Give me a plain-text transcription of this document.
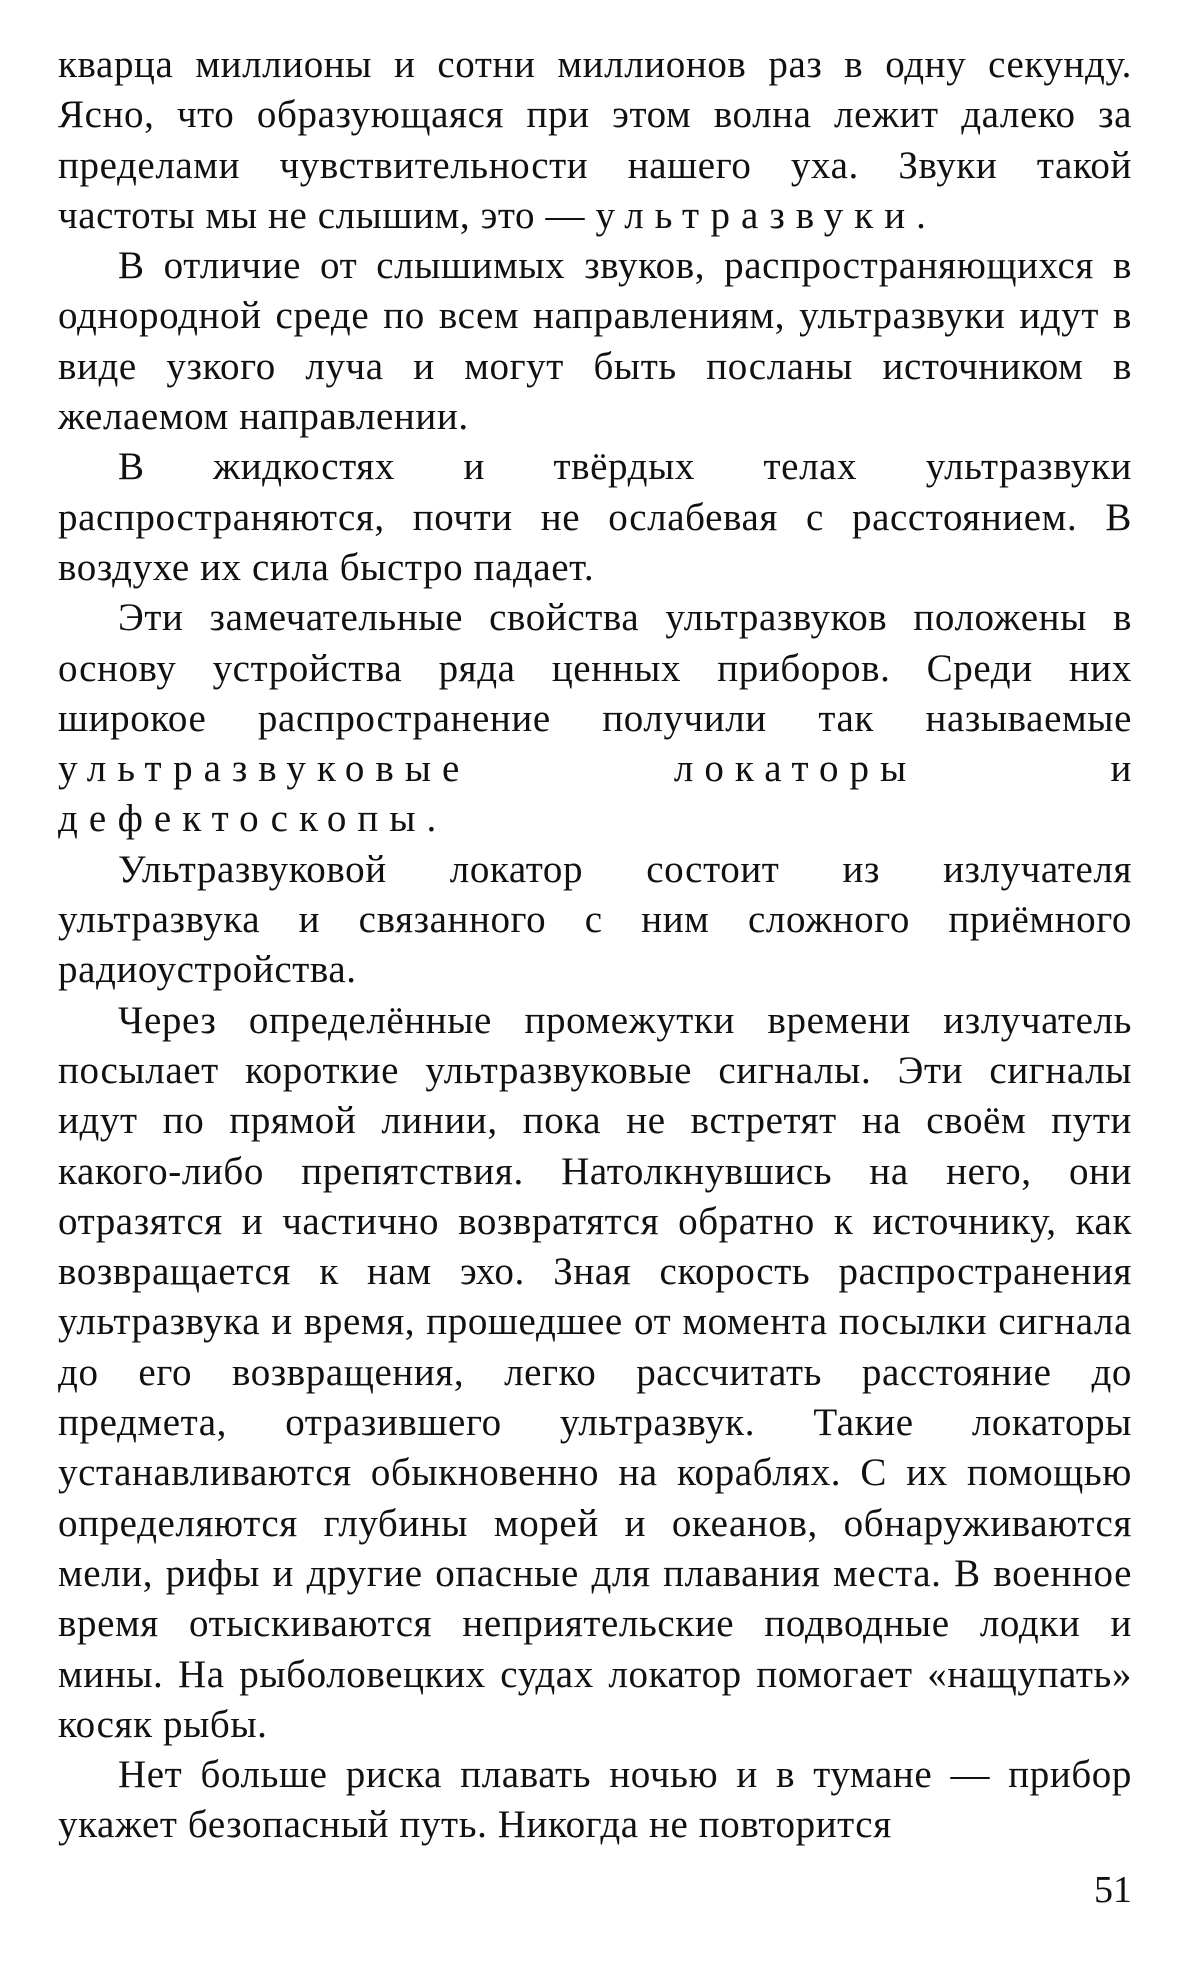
кварца миллионы и сотни миллионов раз в одну секунду. Ясно, что образующаяся при этом волна лежит далеко за пределами чувствительности нашего уха. Звуки такой частоты мы не слышим, это — ультразвуки.

В отличие от слышимых звуков, распространяющихся в однородной среде по всем направлениям, ультразвуки идут в виде узкого луча и могут быть посланы источником в желаемом направлении.

В жидкостях и твёрдых телах ультразвуки распространяются, почти не ослабевая с расстоянием. В воздухе их сила быстро падает.

Эти замечательные свойства ультразвуков положены в основу устройства ряда ценных приборов. Среди них широкое распространение получили так называемые ультразвуковые локаторы и дефектоскопы.

Ультразвуковой локатор состоит из излучателя ультразвука и связанного с ним сложного приёмного радиоустройства.

Через определённые промежутки времени излучатель посылает короткие ультразвуковые сигналы. Эти сигналы идут по прямой линии, пока не встретят на своём пути какого-либо препятствия. Натолкнувшись на него, они отразятся и частично возвратятся обратно к источнику, как возвращается к нам эхо. Зная скорость распространения ультразвука и время, прошедшее от момента посылки сигнала до его возвращения, легко рассчитать расстояние до предмета, отразившего ультразвук. Такие локаторы устанавливаются обыкновенно на кораблях. С их помощью определяются глубины морей и океанов, обнаруживаются мели, рифы и другие опасные для плавания места. В военное время отыскиваются неприятельские подводные лодки и мины. На рыболовецких судах локатор помогает «нащупать» косяк рыбы.

Нет больше риска плавать ночью и в тумане — прибор укажет безопасный путь. Никогда не повторится

51
